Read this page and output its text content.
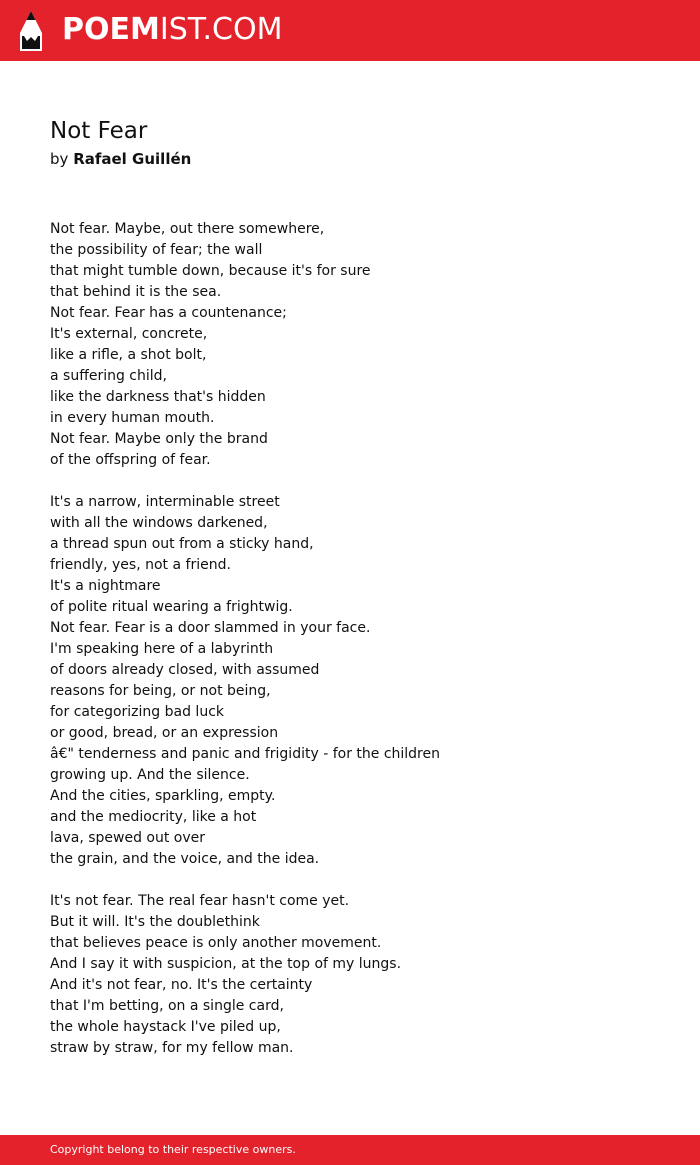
POEMIST.COM
Not Fear
by Rafael Guillén
Not fear. Maybe, out there somewhere,
the possibility of fear; the wall
that might tumble down, because it's for sure
that behind it is the sea.
Not fear. Fear has a countenance;
It's external, concrete,
like a rifle, a shot bolt,
a suffering child,
like the darkness that's hidden
in every human mouth.
Not fear. Maybe only the brand
of the offspring of fear.
It's a narrow, interminable street
with all the windows darkened,
a thread spun out from a sticky hand,
friendly, yes, not a friend.
It's a nightmare
of polite ritual wearing a frightwig.
Not fear. Fear is a door slammed in your face.
I'm speaking here of a labyrinth
of doors already closed, with assumed
reasons for being, or not being,
for categorizing bad luck
or good, bread, or an expression
â€" tenderness and panic and frigidity - for the children
growing up. And the silence.
And the cities, sparkling, empty.
and the mediocrity, like a hot
lava, spewed out over
the grain, and the voice, and the idea.
It's not fear. The real fear hasn't come yet.
But it will. It's the doublethink
that believes peace is only another movement.
And I say it with suspicion, at the top of my lungs.
And it's not fear, no. It's the certainty
that I'm betting, on a single card,
the whole haystack I've piled up,
straw by straw, for my fellow man.
Copyright belong to their respective owners.
